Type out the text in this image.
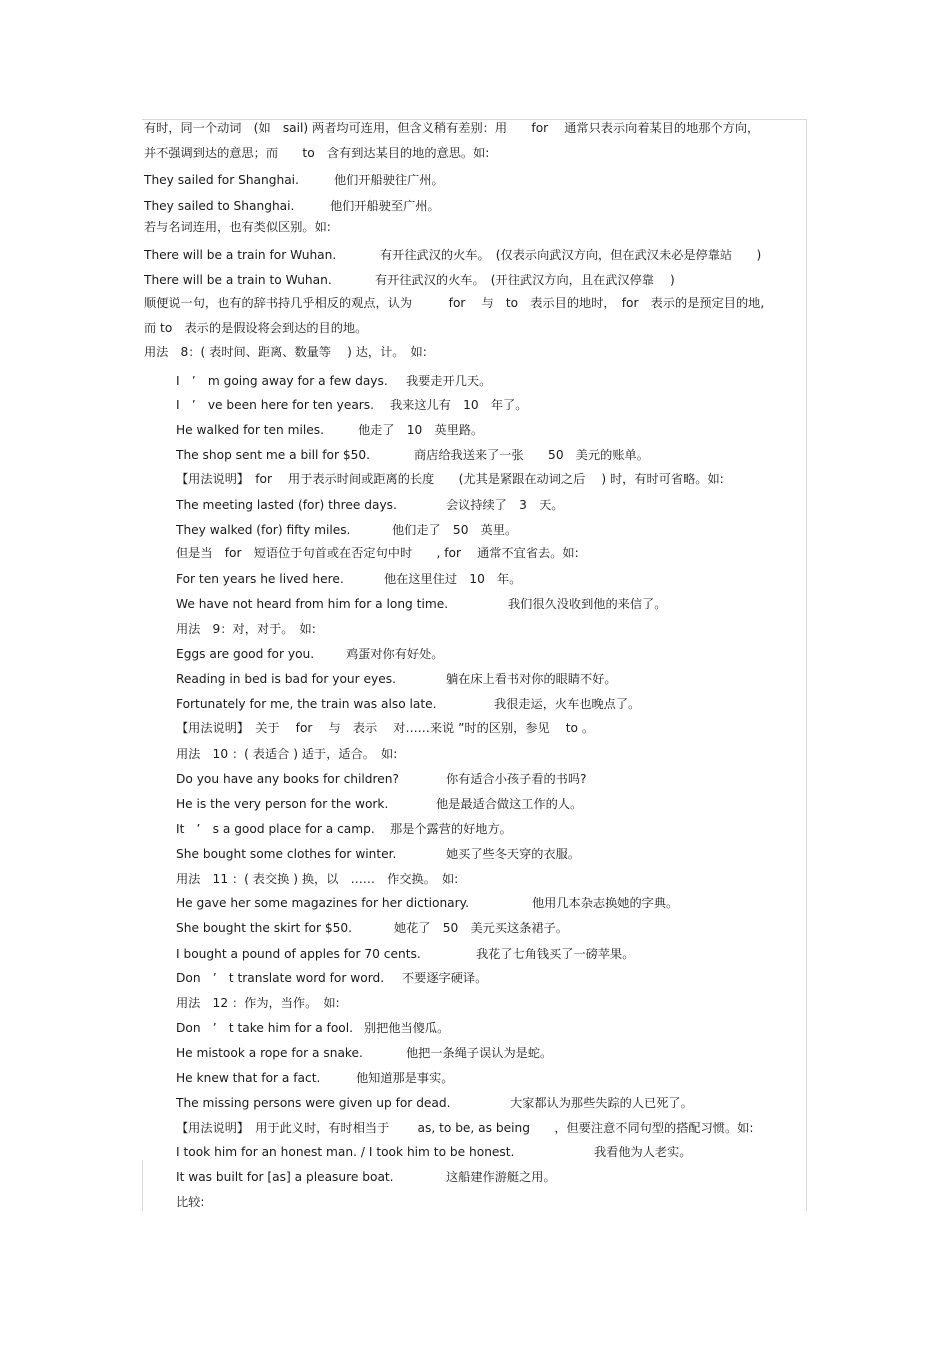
有时，同一个动词　(如　sail) 两者均可连用，但含义稍有差别：用　　for　 通常只表示向着某目的地那个方向，
并不强调到达的意思；而　　to　含有到达某目的地的意思。如:
They sailed for Shanghai.	他们开船驶往广州。
They sailed to Shanghai.	他们开船驶至广州。
若与名词连用，也有类似区别。如:
There will be a train for Wuhan.	有开往武汉的火车。　(仅表示向武汉方向，但在武汉未必是停靠站　　)
There will be a train to Wuhan.	有开往武汉的火车。　(开往武汉方向，且在武汉停靠　 )
顺便说一句，也有的辞书持几乎相反的观点，认为　　　for　 与　to　表示目的地时，　for　表示的是预定目的地,
而 to　表示的是假设将会到达的目的地。
用法　8：( 表时间、距离、数量等　 ) 达，计。　如:
I　’　m going away for a few days. 我要走开几天。
I　’　ve been here for ten years. 我来这儿有　10　年了。
He walked for ten miles.	他走了　10　英里路。
The shop sent me a bill for $50.	商店给我送来了一张　　50　美元的账单。
【用法说明】　for　 用于表示时间或距离的长度　　(尤其是紧跟在动词之后　 ) 时，有时可省略。如:
The meeting lasted (for) three days.	会议持续了　3　天。
They walked (for) fifty miles.	他们走了　50　英里。
但是当　for　短语位于句首或在否定句中时　　, for　 通常不宜省去。如:
For ten years he lived here.	他在这里住过　10　年。
We have not heard from him for a long time.	我们很久没收到他的来信了。
用法　9：对，对于。　如:
Eggs are good for you.	鸡蛋对你有好处。
Reading in bed is bad for your eyes.	躺在床上看书对你的眼睛不好。
Fortunately for me, the train was also late.	我很走运，火车也晚点了。
【用法说明】　关于　 for　 与　表示　 对……来说 ”时的区别，参见　 to 。
用法　10 ：( 表适合 ) 适于，适合。　如:
Do you have any books for children?	你有适合小孩子看的书吗?
He is the very person for the work.	他是最适合做这工作的人。
It　’　s a good place for a camp. 那是个露营的好地方。
She bought some clothes for winter.	她买了些冬天穿的衣服。
用法　11 ：( 表交换 ) 换，以　……　作交换。　如:
He gave her some magazines for her dictionary.	他用几本杂志换她的字典。
She bought the skirt for $50.	她花了　50　美元买这条裙子。
I bought a pound of apples for 70 cents.	我花了七角钱买了一磅苹果。
Don　’　t translate word for word. 不要逐字硬译。
用法　12 ：作为，当作。　如:
Don　’　t take him for a fool. 别把他当傻瓜。
He mistook a rope for a snake.	他把一条绳子误认为是蛇。
He knew that for a fact.	他知道那是事实。
The missing persons were given up for dead.	大家都认为那些失踪的人已死了。
【用法说明】　用于此义时，有时相当于　　 as, to be, as being　　，但要注意不同句型的搭配习惯。如:
I took him for an honest man. / I took him to be honest.	我看他为人老实。
It was built for [as] a pleasure boat.	这船建作游艇之用。
比较:
